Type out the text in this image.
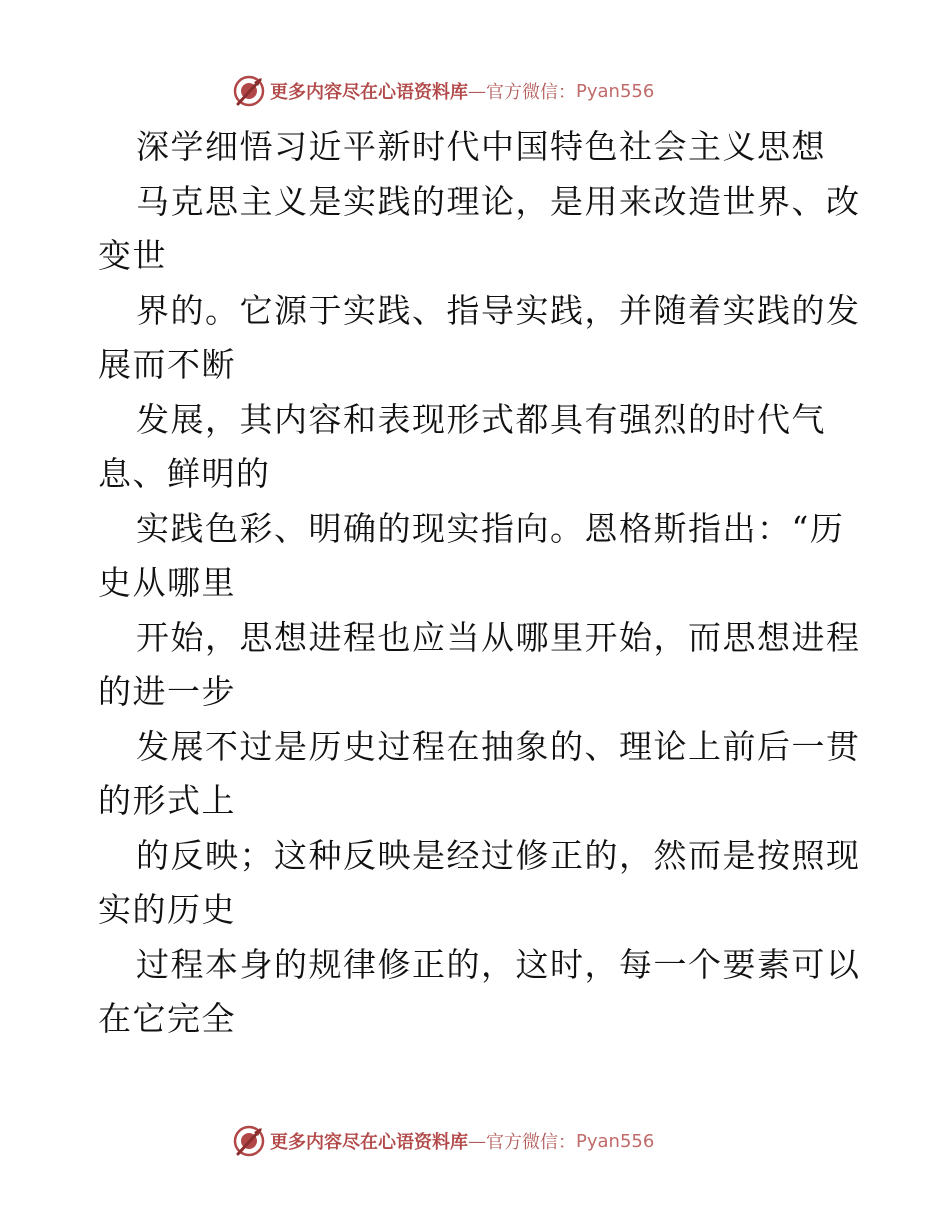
更多内容尽在心语资料库 — 官方微信： Pyan556
深学细悟习近平新时代中国特色社会主义思想
马克思主义是实践的理论，是用来改造世界、改
变世
界的。它源于实践、指导实践，并随着实践的发
展而不断
发展，其内容和表现形式都具有强烈的时代气
息、鲜明的
实践色彩、明确的现实指向。恩格斯指出：“历
史从哪里
开始，思想进程也应当从哪里开始，而思想进程
的进一步
发展不过是历史过程在抽象的、理论上前后一贯
的形式上
的反映；这种反映是经过修正的，然而是按照现
实的历史
过程本身的规律修正的，这时，每一个要素可以
在它完全
更多内容尽在心语资料库 — 官方微信： Pyan556
